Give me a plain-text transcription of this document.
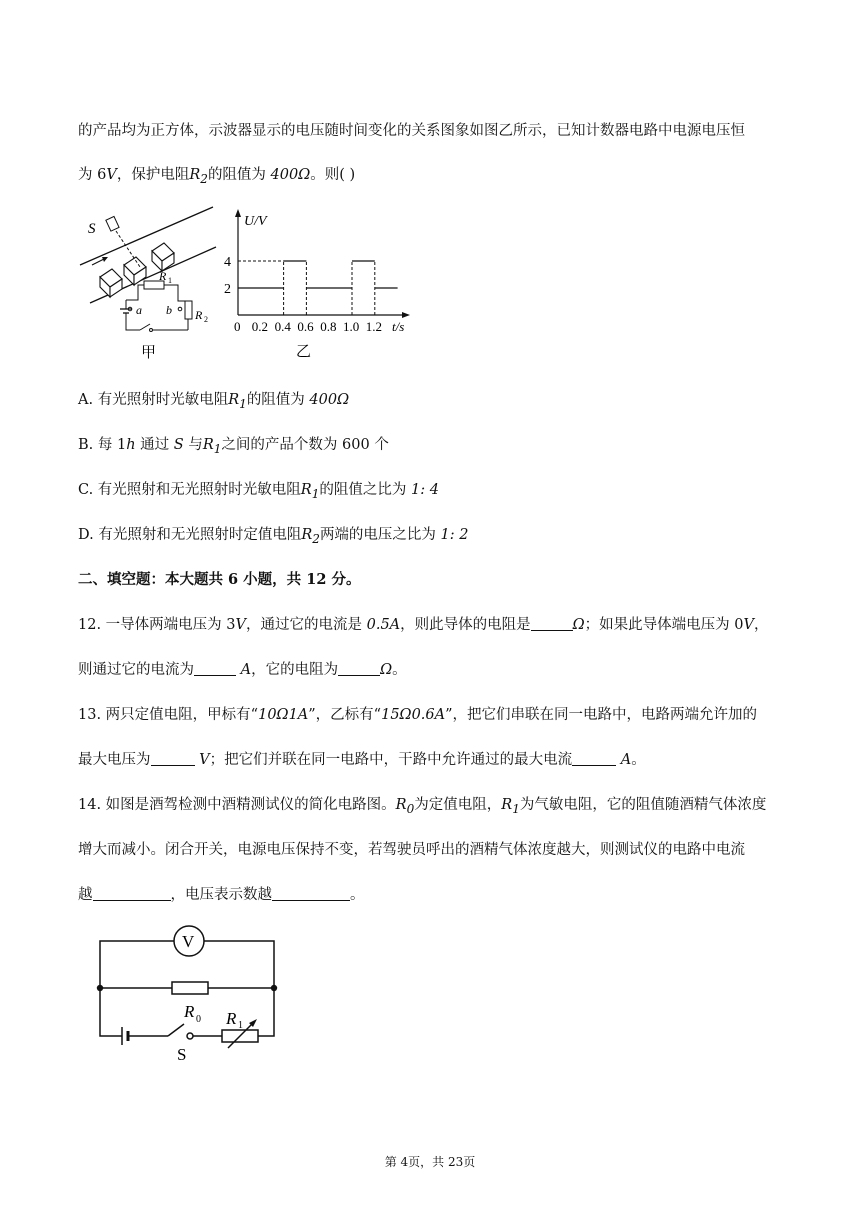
的产品均为正方体，示波器显示的电压随时间变化的关系图象如图乙所示，已知计数器电路中电源电压恒
为 6V，保护电阻$R_2$的阻值为 400Ω。则( )
S
R 1
R 2
a b
甲
U/V
t/s
2
4
0 0.2 0.4 0.6 0.8 1.0 1.2
乙
A. 有光照射时光敏电阻$R_1$的阻值为 400Ω
B. 每 1h 通过 S 与$R_1$之间的产品个数为 600 个
C. 有光照射和无光照射时光敏电阻$R_1$的阻值之比为 1: 4
D. 有光照射和无光照射时定值电阻$R_2$两端的电压之比为 1: 2
二、填空题：本大题共 6 小题，共 12 分。
12. 一导体两端电压为 3V，通过它的电流是 0.5A，则此导体的电阻是	Ω；如果此导体端电压为 0V，
则通过它的电流为	A，它的电阻为	Ω。
13. 两只定值电阻，甲标有“10Ω1A”，乙标有“15Ω0.6A”，把它们串联在同一电路中，电路两端允许加的
最大电压为	V；把它们并联在同一电路中，干路中允许通过的最大电流	A。
14. 如图是酒驾检测中酒精测试仪的简化电路图。$R_0$为定值电阻，$R_1$为气敏电阻，它的阻值随酒精气体浓度
增大而减小。闭合开关，电源电压保持不变，若驾驶员呼出的酒精气体浓度越大，则测试仪的电路中电流
越	，电压表示数越	。
V
R 0 R 1
S
第 4页，共 23页
